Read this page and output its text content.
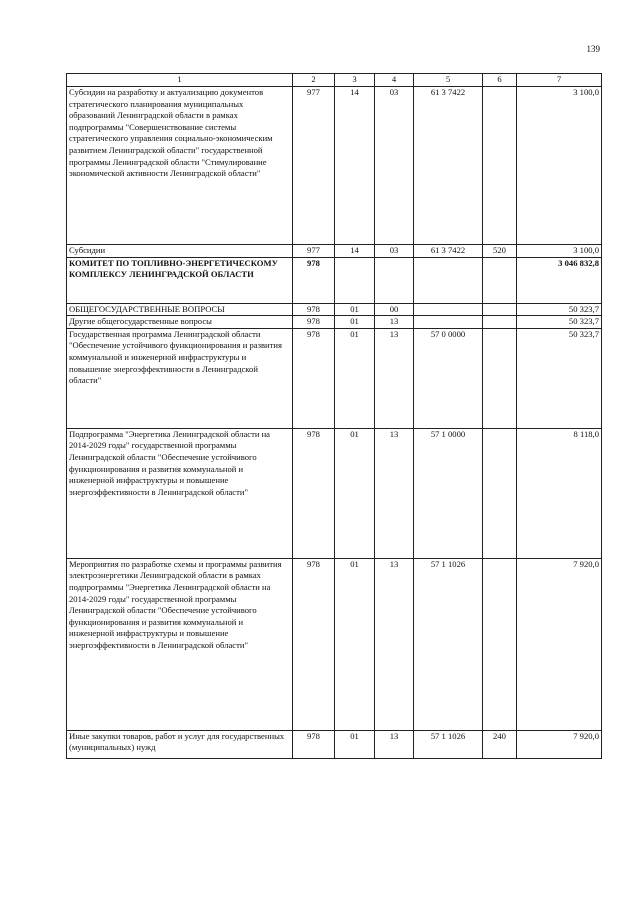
139
1	2	3	4	5	6	7
Субсидии на разработку и актуализацию документов стратегического планирования муниципальных образований Ленинградской области в рамках подпрограммы "Совершенствование системы стратегического управления социально-экономическим развитием Ленинградской области" государственной программы Ленинградской области "Стимулирование экономической активности Ленинградской области"	977	14	03	61 3 7422		3 100,0
Субсидии	977	14	03	61 3 7422	520	3 100,0
КОМИТЕТ ПО ТОПЛИВНО-ЭНЕРГЕТИЧЕСКОМУ КОМПЛЕКСУ ЛЕНИНГРАДСКОЙ ОБЛАСТИ	978					3 046 832,8
ОБЩЕГОСУДАРСТВЕННЫЕ ВОПРОСЫ	978	01	00			50 323,7
Другие общегосударственные вопросы	978	01	13			50 323,7
Государственная программа Ленинградской области "Обеспечение устойчивого функционирования и развития коммунальной и инженерной инфраструктуры и повышение энергоэффективности в Ленинградской области"	978	01	13	57 0 0000		50 323,7
Подпрограмма "Энергетика Ленинградской области на 2014-2029 годы" государственной программы Ленинградской области "Обеспечение устойчивого функционирования и развития коммунальной и инженерной инфраструктуры и повышение энергоэффективности в Ленинградской области"	978	01	13	57 1 0000		8 118,0
Мероприятия по разработке схемы и программы развития электроэнергетики Ленинградской области в рамках подпрограммы "Энергетика Ленинградской области на 2014-2029 годы" государственной программы Ленинградской области "Обеспечение устойчивого функционирования и развития коммунальной и инженерной инфраструктуры и повышение энергоэффективности в Ленинградской области"	978	01	13	57 1 1026		7 920,0
Иные закупки товаров, работ и услуг для государственных (муниципальных) нужд	978	01	13	57 1 1026	240	7 920,0
